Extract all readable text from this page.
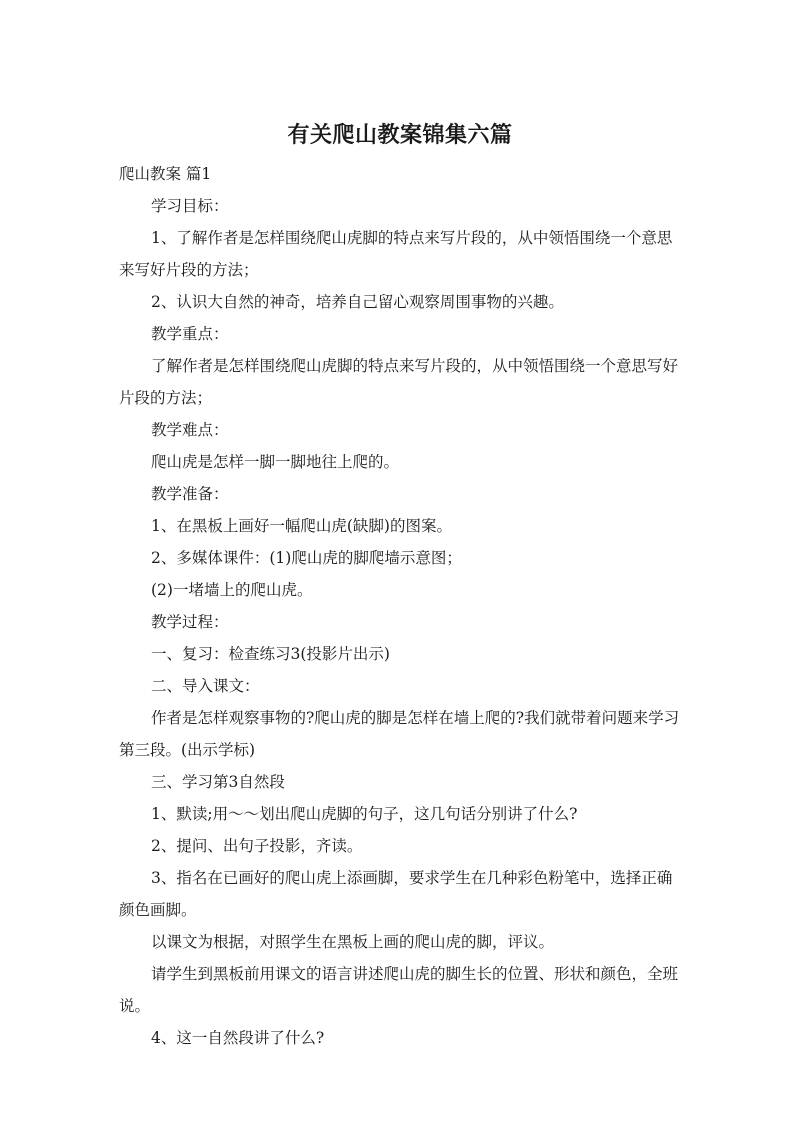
有关爬山教案锦集六篇

爬山教案 篇1

学习目标：

1、了解作者是怎样围绕爬山虎脚的特点来写片段的，从中领悟围绕一个意思来写好片段的方法；

2、认识大自然的神奇，培养自己留心观察周围事物的兴趣。

教学重点：

了解作者是怎样围绕爬山虎脚的特点来写片段的，从中领悟围绕一个意思写好片段的方法；

教学难点：

爬山虎是怎样一脚一脚地往上爬的。

教学准备：

1、在黑板上画好一幅爬山虎(缺脚)的图案。

2、多媒体课件：(1)爬山虎的脚爬墙示意图；

(2)一堵墙上的爬山虎。

教学过程：

一、复习：检查练习3(投影片出示)

二、导入课文：

作者是怎样观察事物的?爬山虎的脚是怎样在墙上爬的?我们就带着问题来学习第三段。(出示学标)

三、学习第3自然段

1、默读;用～～划出爬山虎脚的句子，这几句话分别讲了什么?

2、提问、出句子投影，齐读。

3、指名在已画好的爬山虎上添画脚，要求学生在几种彩色粉笔中，选择正确颜色画脚。

以课文为根据，对照学生在黑板上画的爬山虎的脚，评议。

请学生到黑板前用课文的语言讲述爬山虎的脚生长的位置、形状和颜色，全班说。

4、这一自然段讲了什么?
